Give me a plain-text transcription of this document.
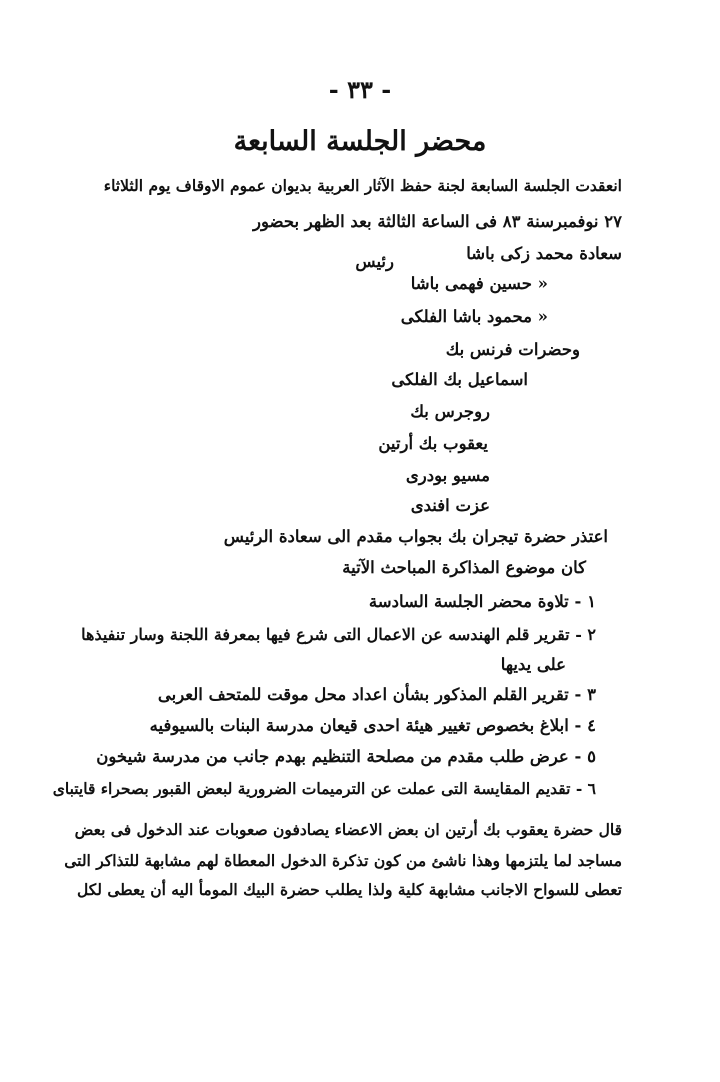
- ٣٣ -
محضر الجلسة السابعة
انعقدت الجلسة السابعة لجنة حفظ الآثار العربية بديوان عموم الاوقاف يوم الثلاثاء
٢٧ نوفمبرسنة ٨٣ فى الساعة الثالثة بعد الظهر بحضور
سعادة محمد زكى باشا
رئيس
« حسين فهمى باشا
« محمود باشا الفلكى
وحضرات فرنس بك
اسماعيل بك الفلكى
روجرس بك
يعقوب بك أرتين
مسيو بودرى
عزت افندى
اعتذر حضرة تيجران بك بجواب مقدم الى سعادة الرئيس
كان موضوع المذاكرة المباحث الآتية
١ - تلاوة محضر الجلسة السادسة
٢ - تقرير قلم الهندسه عن الاعمال التى شرع فيها بمعرفة اللجنة وسار تنفيذها
على يديها
٣ - تقرير القلم المذكور بشأن اعداد محل موقت للمتحف العربى
٤ - ابلاغ بخصوص تغيير هيئة احدى قيعان مدرسة البنات بالسيوفيه
٥ - عرض طلب مقدم من مصلحة التنظيم بهدم جانب من مدرسة شيخون
٦ - تقديم المقايسة التى عملت عن الترميمات الضرورية لبعض القبور بصحراء قايتباى
قال حضرة يعقوب بك أرتين ان بعض الاعضاء يصادفون صعوبات عند الدخول فى بعض
مساجد لما يلتزمها وهذا ناشئ من كون تذكرة الدخول المعطاة لهم مشابهة للتذاكر التى
تعطى للسواح الاجانب مشابهة كلية ولذا يطلب حضرة البيك المومأ اليه أن يعطى لكل
